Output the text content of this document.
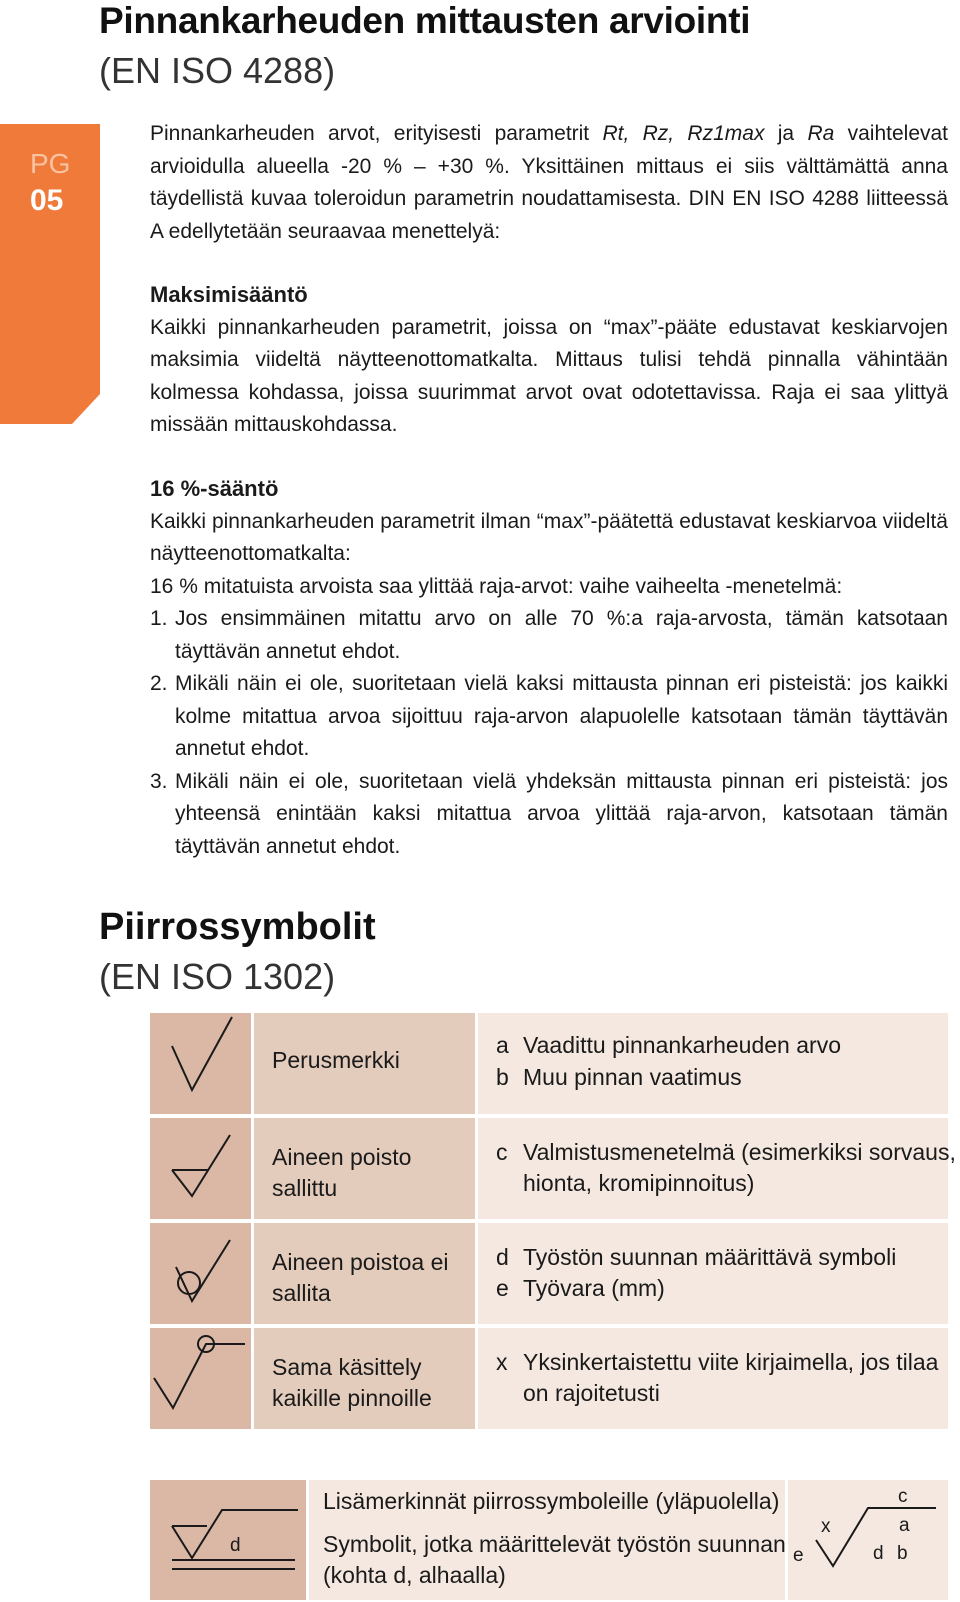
Pinnankarheuden mittausten arviointi
(EN ISO 4288)
PG
05

Pinnankarheuden arvot, erityisesti parametrit Rt, Rz, Rz1max ja Ra vaihtelevat arvioidulla alueella -20 % – +30 %. Yksittäinen mittaus ei siis välttämättä anna täydellistä kuvaa toleroidun parametrin noudattamisesta. DIN EN ISO 4288 liitteessä A edellytetään seuraavaa menettelyä:

Maksimisääntö

Kaikki pinnankarheuden parametrit, joissa on “max”-pääte edustavat keskiarvojen maksimia viideltä näytteenottomatkalta. Mittaus tulisi tehdä pinnalla vähintään kolmessa kohdassa, joissa suurimmat arvot ovat odotettavissa. Raja ei saa ylittyä missään mittauskohdassa.

16 %-sääntö

Kaikki pinnankarheuden parametrit ilman “max”-päätettä edustavat keskiarvoa viideltä näytteenottomatkalta:

16 % mitatuista arvoista saa ylittää raja-arvot: vaihe vaiheelta -menetelmä:

1. Jos ensimmäinen mitattu arvo on alle 70 %:a raja-arvosta, tämän katsotaan täyttävän annetut ehdot.
2. Mikäli näin ei ole, suoritetaan vielä kaksi mittausta pinnan eri pisteistä: jos kaikki kolme mitattua arvoa sijoittuu raja-arvon alapuolelle katsotaan tämän täyttävän annetut ehdot.
3. Mikäli näin ei ole, suoritetaan vielä yhdeksän mittausta pinnan eri pisteistä: jos yhteensä enintään kaksi mitattua arvoa ylittää raja-arvon, katsotaan tämän täyttävän annetut ehdot.
Piirrossymbolit
(EN ISO 1302)
Perusmerkki
a Vaadittu pinnankarheuden arvo
b Muu pinnan vaatimus
Aineen poisto
sallittu
c Valmistusmenetelmä (esimerkiksi sorvaus,
hionta, kromipinnoitus)
Aineen poistoa ei
sallita
d Työstön suunnan määrittävä symboli
e Työvara (mm)
Sama käsittely
kaikille pinnoille
x Yksinkertaistettu viite kirjaimella, jos tilaa
on rajoitetusti
d
Lisämerkinnät piirrossymboleille (yläpuolella)
Symbolit, jotka määrittelevät työstön suunnan
(kohta d, alhaalla)
c
x	a
e	d b
